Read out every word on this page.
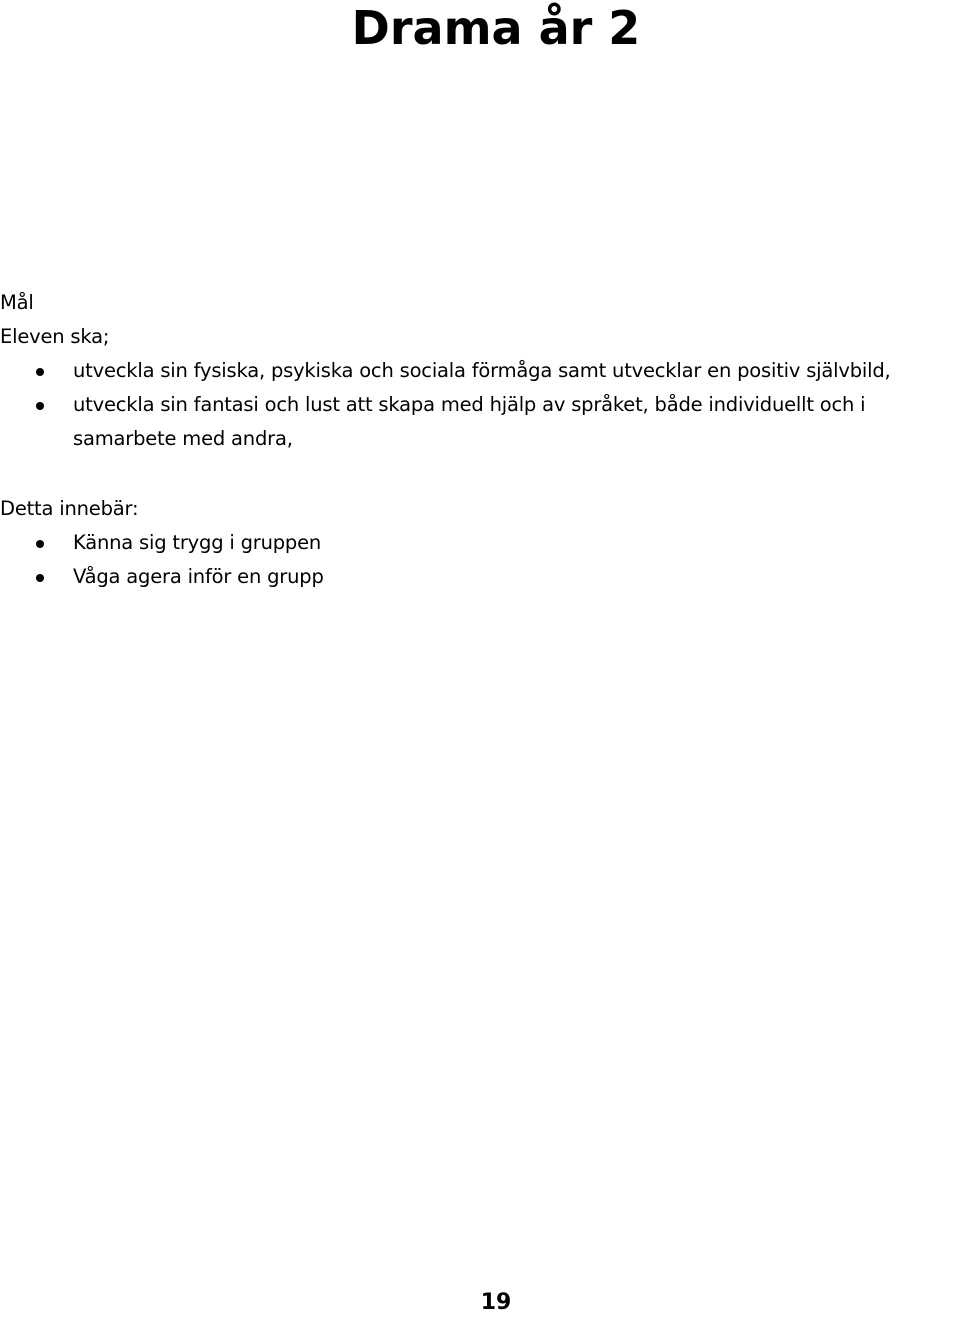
Drama år 2
Mål
Eleven ska;
utveckla sin fysiska, psykiska och sociala förmåga samt utvecklar en positiv självbild,
utveckla sin fantasi och lust att skapa med hjälp av språket, både individuellt och i samarbete med andra,
Detta innebär:
Känna sig trygg i gruppen
Våga agera inför en grupp
19
